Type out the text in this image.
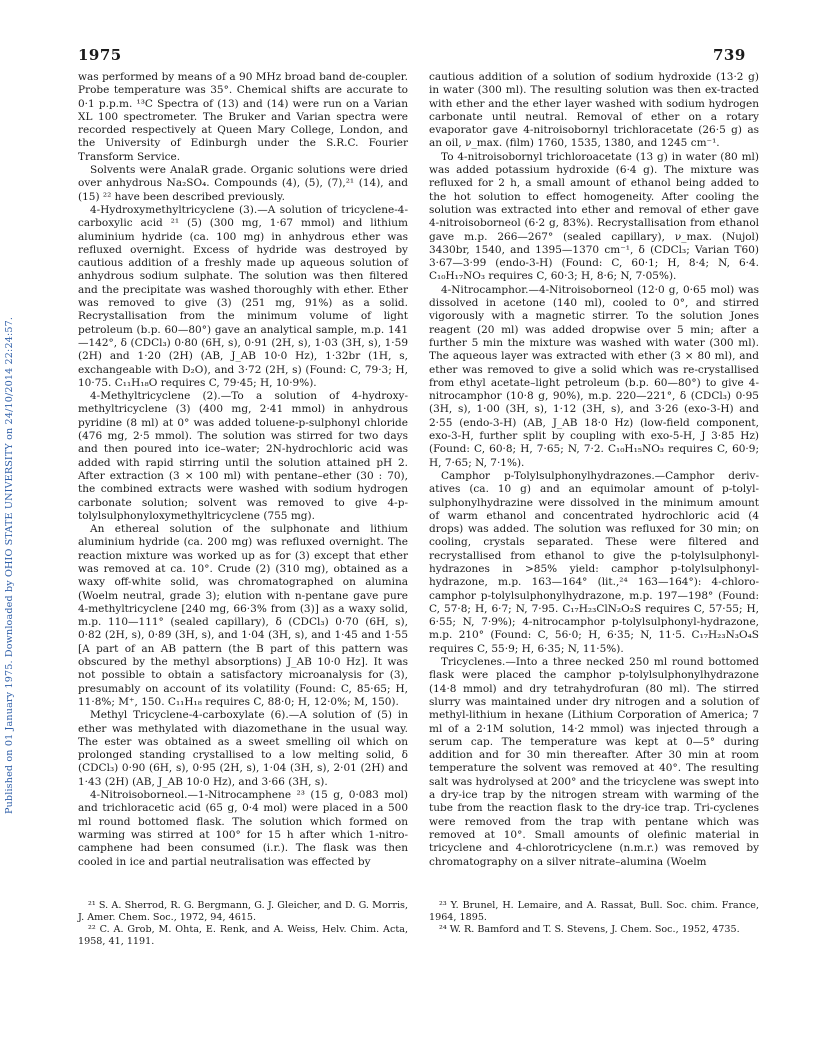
1975	739
Published on 01 January 1975. Downloaded by OHIO STATE UNIVERSITY on 24/10/2014 22:24:57.

was performed by means of a 90 MHz broad band de-coupler. Probe temperature was 35°. Chemical shifts are accurate to 0·1 p.p.m. ¹³C Spectra of (13) and (14) were run on a Varian XL 100 spectrometer. The Bruker and Varian spectra were recorded respectively at Queen Mary College, London, and the University of Edinburgh under the S.R.C. Fourier Transform Service.

Solvents were AnalaR grade. Organic solutions were dried over anhydrous Na₂SO₄. Compounds (4), (5), (7),²¹ (14), and (15) ²² have been described previously.

4-Hydroxymethyltricyclene (3).—A solution of tricyclene-4-carboxylic acid ²¹ (5) (300 mg, 1·67 mmol) and lithium aluminium hydride (ca. 100 mg) in anhydrous ether was refluxed overnight. Excess of hydride was destroyed by cautious addition of a freshly made up aqueous solution of anhydrous sodium sulphate. The solution was then filtered and the precipitate was washed thoroughly with ether. Ether was removed to give (3) (251 mg, 91%) as a solid. Recrystallisation from the minimum volume of light petroleum (b.p. 60—80°) gave an analytical sample, m.p. 141—142°, δ (CDCl₃) 0·80 (6H, s), 0·91 (2H, s), 1·03 (3H, s), 1·59 (2H) and 1·20 (2H) (AB, J_AB 10·0 Hz), 1·32br (1H, s, exchangeable with D₂O), and 3·72 (2H, s) (Found: C, 79·3; H, 10·75. C₁₁H₁₈O requires C, 79·45; H, 10·9%).

4-Methyltricyclene (2).—To a solution of 4-hydroxy-methyltricyclene (3) (400 mg, 2·41 mmol) in anhydrous pyridine (8 ml) at 0° was added toluene-p-sulphonyl chloride (476 mg, 2·5 mmol). The solution was stirred for two days and then poured into ice–water; 2N-hydrochloric acid was added with rapid stirring until the solution attained pH 2. After extraction (3 × 100 ml) with pentane–ether (30 : 70), the combined extracts were washed with sodium hydrogen carbonate solution; solvent was removed to give 4-p-tolylsulphonyloxymethyltricyclene (755 mg).

An ethereal solution of the sulphonate and lithium aluminium hydride (ca. 200 mg) was refluxed overnight. The reaction mixture was worked up as for (3) except that ether was removed at ca. 10°. Crude (2) (310 mg), obtained as a waxy off-white solid, was chromatographed on alumina (Woelm neutral, grade 3); elution with n-pentane gave pure 4-methyltricyclene [240 mg, 66·3% from (3)] as a waxy solid, m.p. 110—111° (sealed capillary), δ (CDCl₃) 0·70 (6H, s), 0·82 (2H, s), 0·89 (3H, s), and 1·04 (3H, s), and 1·45 and 1·55 [A part of an AB pattern (the B part of this pattern was obscured by the methyl absorptions) J_AB 10·0 Hz]. It was not possible to obtain a satisfactory microanalysis for (3), presumably on account of its volatility (Found: C, 85·65; H, 11·8%; M⁺, 150. C₁₁H₁₈ requires C, 88·0; H, 12·0%; M, 150).

Methyl Tricyclene-4-carboxylate (6).—A solution of (5) in ether was methylated with diazomethane in the usual way. The ester was obtained as a sweet smelling oil which on prolonged standing crystallised to a low melting solid, δ (CDCl₃) 0·90 (6H, s), 0·95 (2H, s), 1·04 (3H, s), 2·01 (2H) and 1·43 (2H) (AB, J_AB 10·0 Hz), and 3·66 (3H, s).

4-Nitroisoborneol.—1-Nitrocamphene ²³ (15 g, 0·083 mol) and trichloracetic acid (65 g, 0·4 mol) were placed in a 500 ml round bottomed flask. The solution which formed on warming was stirred at 100° for 15 h after which 1-nitro-camphene had been consumed (i.r.). The flask was then cooled in ice and partial neutralisation was effected by

cautious addition of a solution of sodium hydroxide (13·2 g) in water (300 ml). The resulting solution was then ex-tracted with ether and the ether layer washed with sodium hydrogen carbonate until neutral. Removal of ether on a rotary evaporator gave 4-nitroisobornyl trichloracetate (26·5 g) as an oil, ν_max. (film) 1760, 1535, 1380, and 1245 cm⁻¹.

To 4-nitroisobornyl trichloroacetate (13 g) in water (80 ml) was added potassium hydroxide (6·4 g). The mixture was refluxed for 2 h, a small amount of ethanol being added to the hot solution to effect homogeneity. After cooling the solution was extracted into ether and removal of ether gave 4-nitroisoborneol (6·2 g, 83%). Recrystallisation from ethanol gave m.p. 266—267° (sealed capillary), ν_max. (Nujol) 3430br, 1540, and 1395—1370 cm⁻¹, δ (CDCl₃; Varian T60) 3·67—3·99 (endo-3-H) (Found: C, 60·1; H, 8·4; N, 6·4. C₁₀H₁₇NO₃ requires C, 60·3; H, 8·6; N, 7·05%).

4-Nitrocamphor.—4-Nitroisoborneol (12·0 g, 0·65 mol) was dissolved in acetone (140 ml), cooled to 0°, and stirred vigorously with a magnetic stirrer. To the solution Jones reagent (20 ml) was added dropwise over 5 min; after a further 5 min the mixture was washed with water (300 ml). The aqueous layer was extracted with ether (3 × 80 ml), and ether was removed to give a solid which was re-crystallised from ethyl acetate–light petroleum (b.p. 60—80°) to give 4-nitrocamphor (10·8 g, 90%), m.p. 220—221°, δ (CDCl₃) 0·95 (3H, s), 1·00 (3H, s), 1·12 (3H, s), and 3·26 (exo-3-H) and 2·55 (endo-3-H) (AB, J_AB 18·0 Hz) (low-field component, exo-3-H, further split by coupling with exo-5-H, J 3·85 Hz) (Found: C, 60·8; H, 7·65; N, 7·2. C₁₀H₁₅NO₃ requires C, 60·9; H, 7·65; N, 7·1%).

Camphor p-Tolylsulphonylhydrazones.—Camphor deriv-atives (ca. 10 g) and an equimolar amount of p-tolyl-sulphonylhydrazine were dissolved in the minimum amount of warm ethanol and concentrated hydrochloric acid (4 drops) was added. The solution was refluxed for 30 min; on cooling, crystals separated. These were filtered and recrystallised from ethanol to give the p-tolylsulphonyl-hydrazones in >85% yield: camphor p-tolylsulphonyl-hydrazone, m.p. 163—164° (lit.,²⁴ 163—164°): 4-chloro-camphor p-tolylsulphonylhydrazone, m.p. 197—198° (Found: C, 57·8; H, 6·7; N, 7·95. C₁₇H₂₃ClN₂O₂S requires C, 57·55; H, 6·55; N, 7·9%); 4-nitrocamphor p-tolylsulphonyl-hydrazone, m.p. 210° (Found: C, 56·0; H, 6·35; N, 11·5. C₁₇H₂₃N₃O₄S requires C, 55·9; H, 6·35; N, 11·5%).

Tricyclenes.—Into a three necked 250 ml round bottomed flask were placed the camphor p-tolylsulphonylhydrazone (14·8 mmol) and dry tetrahydrofuran (80 ml). The stirred slurry was maintained under dry nitrogen and a solution of methyl-lithium in hexane (Lithium Corporation of America; 7 ml of a 2·1M solution, 14·2 mmol) was injected through a serum cap. The temperature was kept at 0—5° during addition and for 30 min thereafter. After 30 min at room temperature the solvent was removed at 40°. The resulting salt was hydrolysed at 200° and the tricyclene was swept into a dry-ice trap by the nitrogen stream with warming of the tube from the reaction flask to the dry-ice trap. Tri-cyclenes were removed from the trap with pentane which was removed at 10°. Small amounts of olefinic material in tricyclene and 4-chlorotricyclene (n.m.r.) was removed by chromatography on a silver nitrate–alumina (Woelm

²¹ S. A. Sherrod, R. G. Bergmann, G. J. Gleicher, and D. G. Morris, J. Amer. Chem. Soc., 1972, 94, 4615.

²² C. A. Grob, M. Ohta, E. Renk, and A. Weiss, Helv. Chim. Acta, 1958, 41, 1191.

²³ Y. Brunel, H. Lemaire, and A. Rassat, Bull. Soc. chim. France, 1964, 1895.

²⁴ W. R. Bamford and T. S. Stevens, J. Chem. Soc., 1952, 4735.
